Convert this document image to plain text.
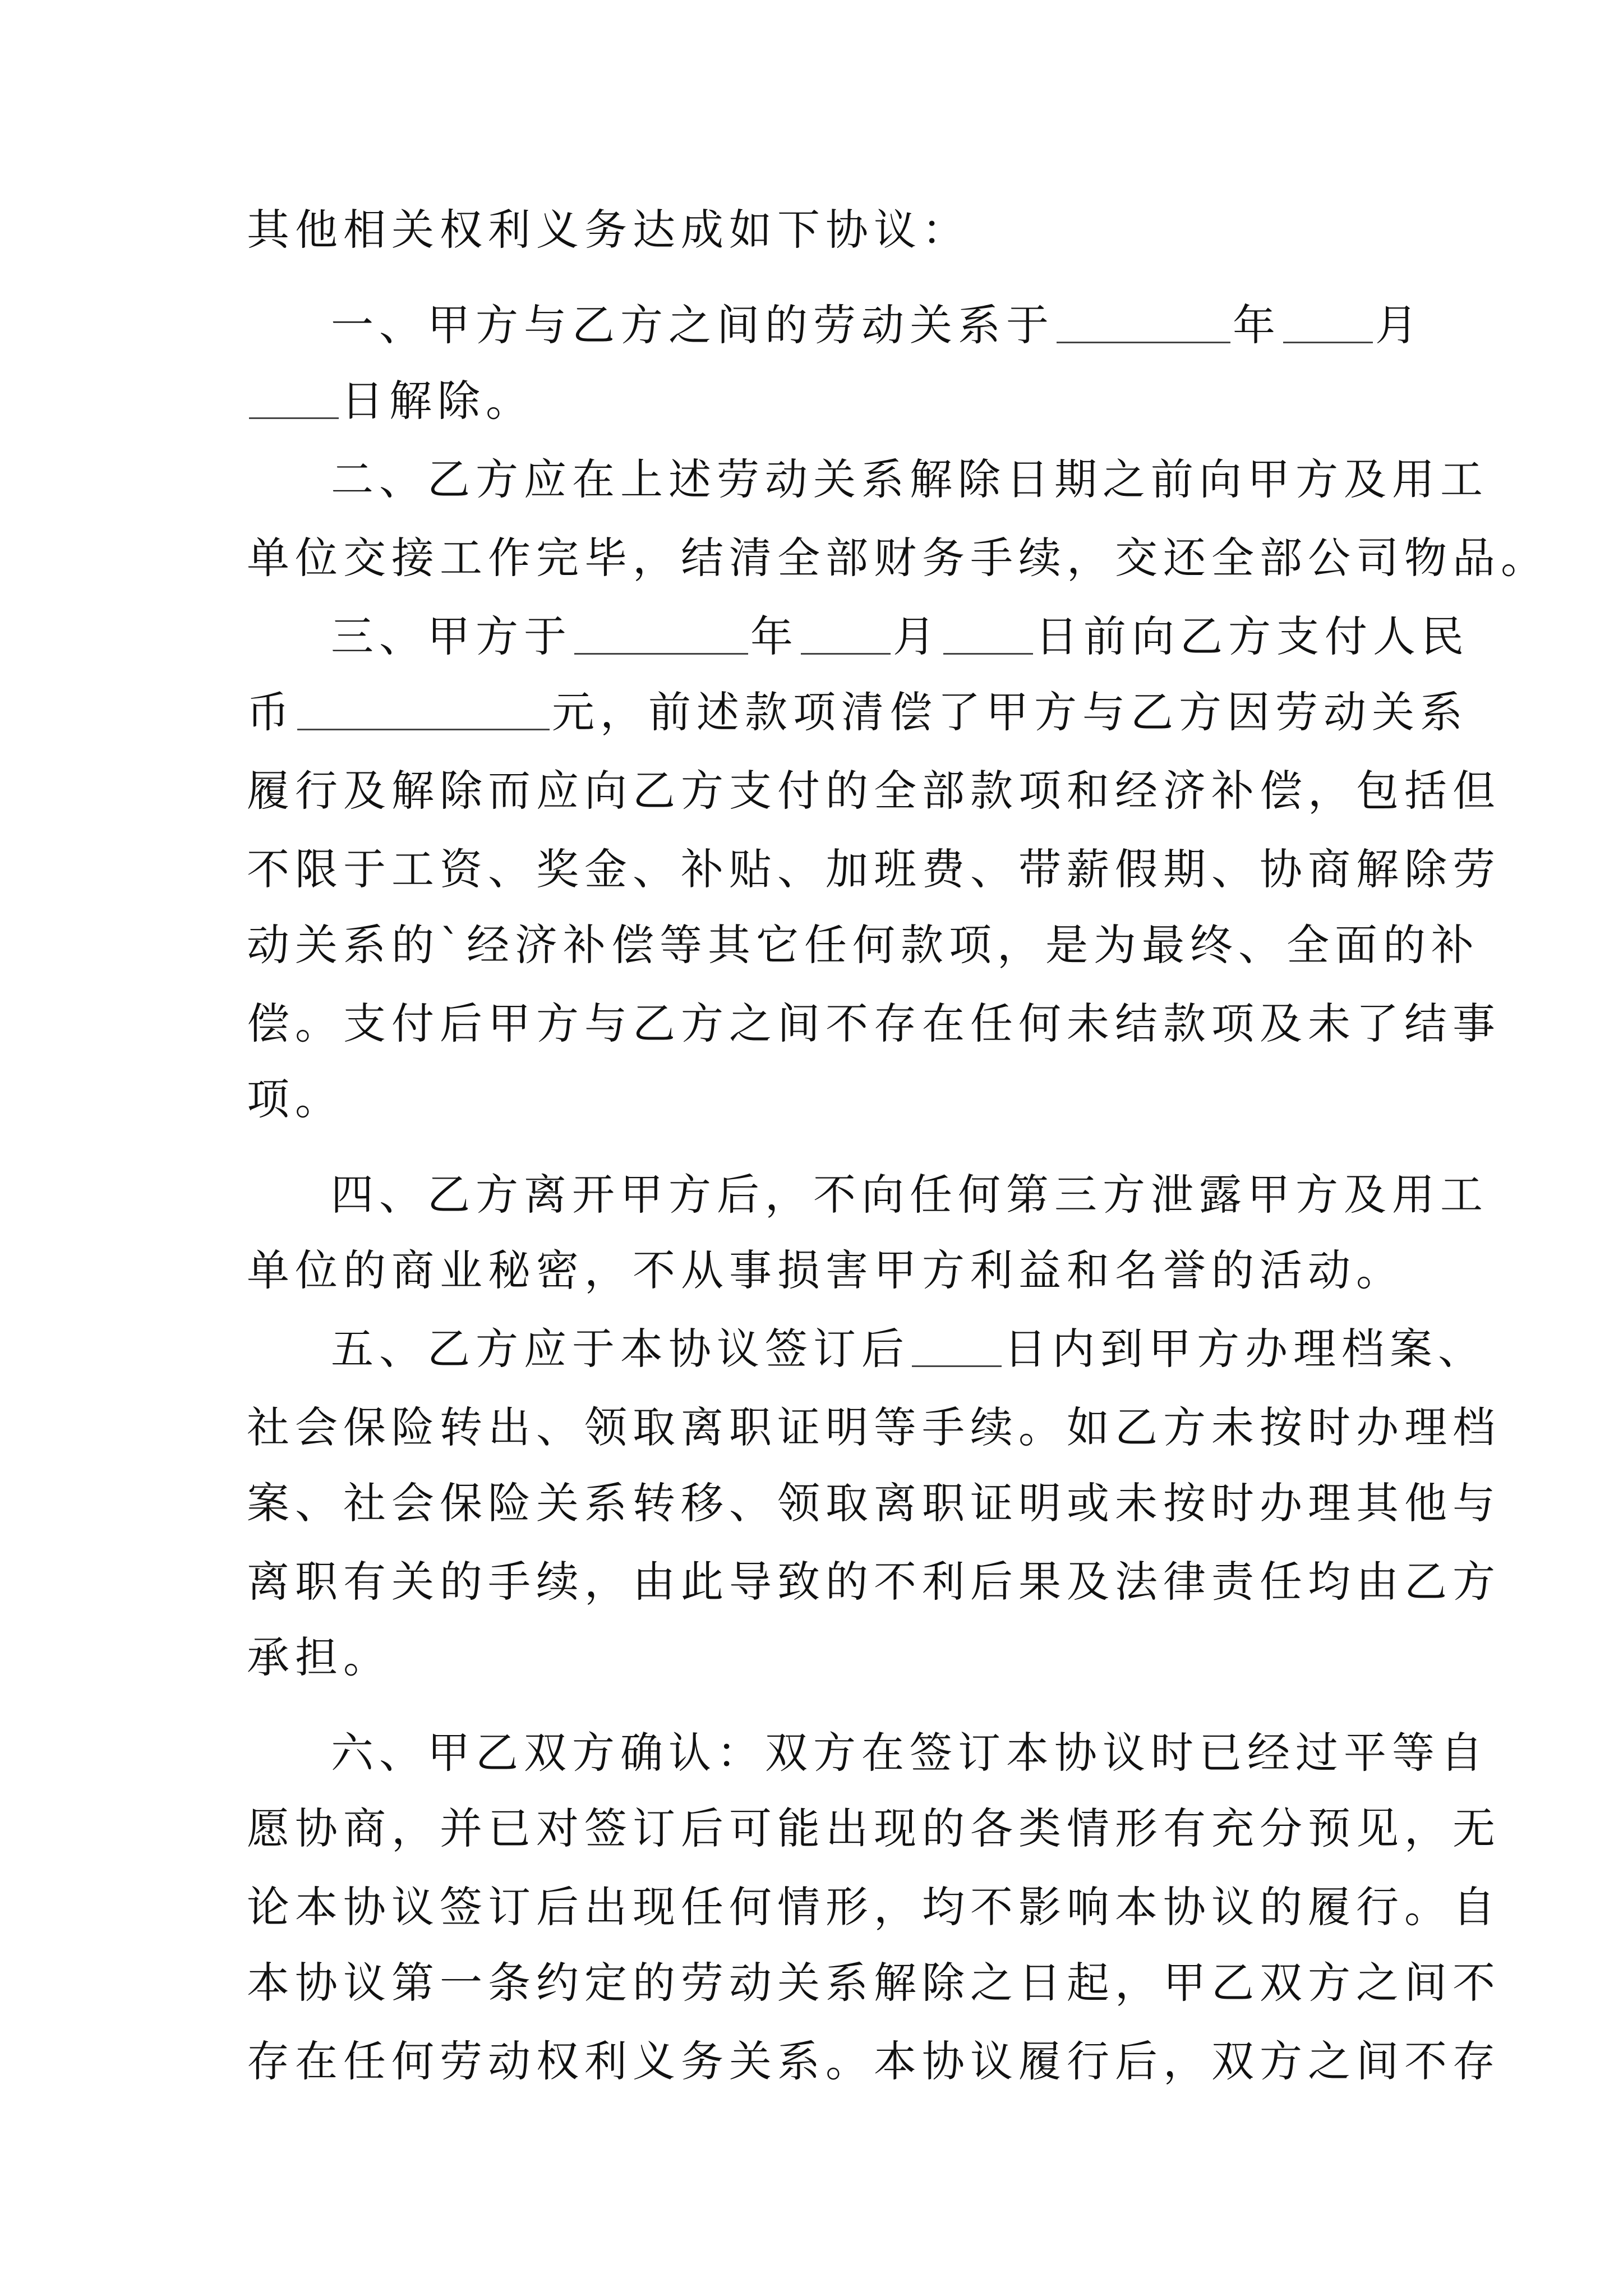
其他相关权利义务达成如下协议：
一、甲方与乙方之间的劳动关系于	年 月
日解除。
二、乙方应在上述劳动关系解除日期之前向甲方及用工
单位交接工作完毕，结清全部财务手续，交还全部公司物品。
三、甲方于	年 月 日前向乙方支付人民
币	元，前述款项清偿了甲方与乙方因劳动关系
履行及解除而应向乙方支付的全部款项和经济补偿，包括但
不限于工资、奖金、补贴、加班费、带薪假期、协商解除劳
动关系的`经济补偿等其它任何款项，是为最终、全面的补
偿。支付后甲方与乙方之间不存在任何未结款项及未了结事
项。
四、乙方离开甲方后，不向任何第三方泄露甲方及用工
单位的商业秘密，不从事损害甲方利益和名誉的活动。
五、乙方应于本协议签订后 日内到甲方办理档案、
社会保险转出、领取离职证明等手续。如乙方未按时办理档
案、社会保险关系转移、领取离职证明或未按时办理其他与
离职有关的手续，由此导致的不利后果及法律责任均由乙方
承担。
六、甲乙双方确认：双方在签订本协议时已经过平等自
愿协商，并已对签订后可能出现的各类情形有充分预见，无
论本协议签订后出现任何情形，均不影响本协议的履行。自
本协议第一条约定的劳动关系解除之日起，甲乙双方之间不
存在任何劳动权利义务关系。本协议履行后，双方之间不存
